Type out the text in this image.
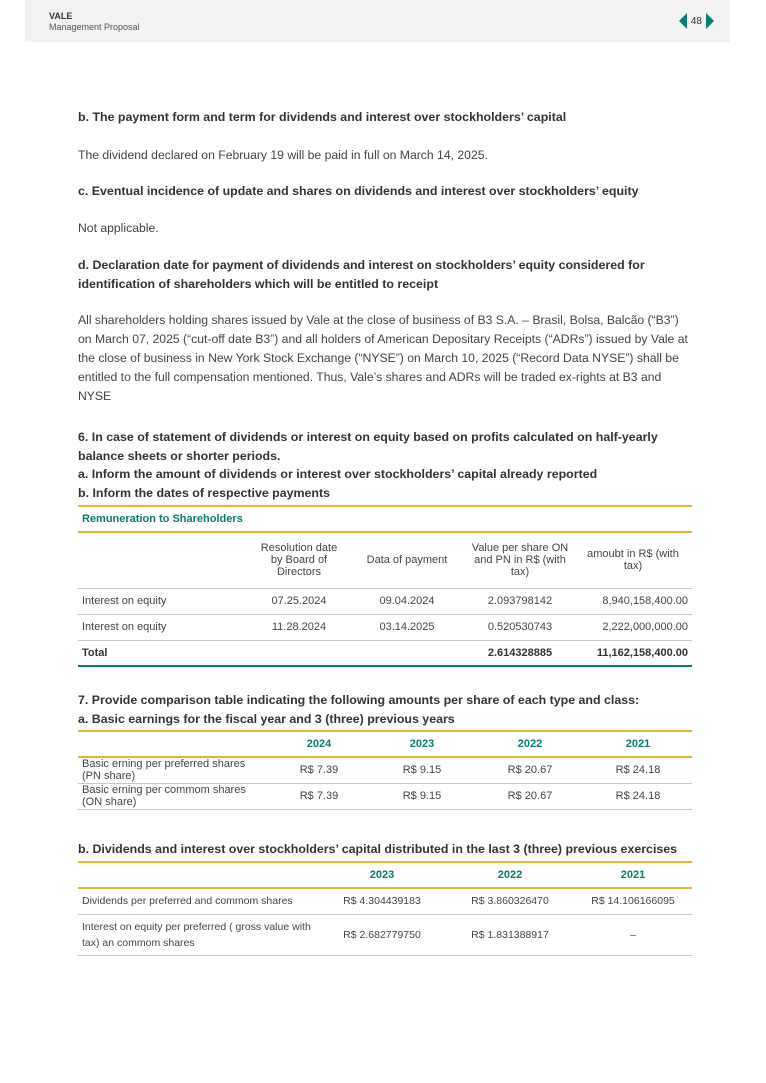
VALE
Management Proposal
48
b. The payment form and term for dividends and interest over stockholders’ capital
The dividend declared on February 19 will be paid in full on March 14, 2025.
c. Eventual incidence of update and shares on dividends and interest over stockholders’ equity
Not applicable.
d. Declaration date for payment of dividends and interest on stockholders’ equity considered for identification of shareholders which will be entitled to receipt
All shareholders holding shares issued by Vale at the close of business of B3 S.A. – Brasil, Bolsa, Balcão (“B3”) on March 07, 2025 (“cut-off date B3”) and all holders of American Depositary Receipts (“ADRs”) issued by Vale at the close of business in New York Stock Exchange (“NYSE”) on March 10, 2025 (“Record Data NYSE”) shall be entitled to the full compensation mentioned. Thus, Vale’s shares and ADRs will be traded ex-rights at B3 and NYSE
6. In case of statement of dividends or interest on equity based on profits calculated on half-yearly balance sheets or shorter periods.
a. Inform the amount of dividends or interest over stockholders’ capital already reported
b. Inform the dates of respective payments
Remuneration to Shareholders				
	Resolution date by Board of Directors	Data of payment	Value per share ON and PN in R$ (with tax)	amoubt in R$ (with tax)
Interest on equity	07.25.2024	09.04.2024	2.093798142	8,940,158,400.00
Interest on equity	11.28.2024	03.14.2025	0.520530743	2,222,000,000.00
Total			2.614328885	11,162,158,400.00
7. Provide comparison table indicating the following amounts per share of each type and class:
a. Basic earnings for the fiscal year and 3 (three) previous years
	2024	2023	2022	2021
Basic erning per preferred shares (PN share)	R$ 7.39	R$ 9.15	R$ 20.67	R$ 24.18
Basic erning per commom shares (ON share)	R$ 7.39	R$ 9.15	R$ 20.67	R$ 24.18
b. Dividends and interest over stockholders’ capital distributed in the last 3 (three) previous exercises
	2023	2022	2021
Dividends per preferred and commom shares	R$ 4.304439183	R$ 3.860326470	R$ 14.106166095
Interest on equity per preferred ( gross value with tax) an commom shares	R$ 2.682779750	R$ 1.831388917	–
